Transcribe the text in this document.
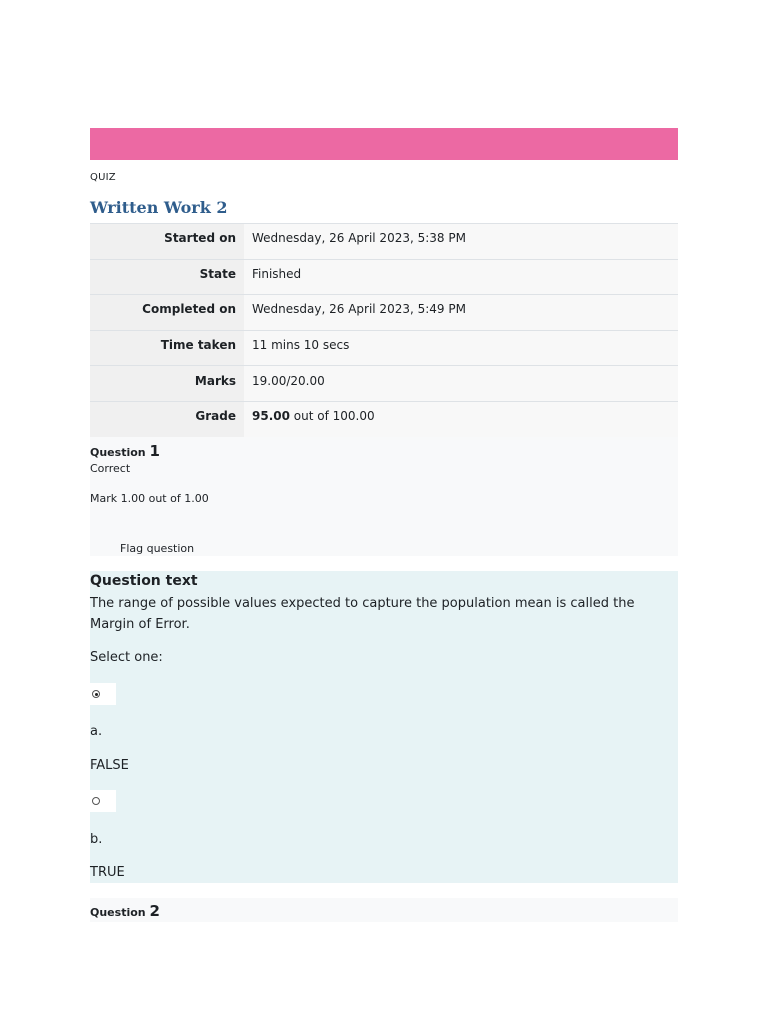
QUIZ
Written Work 2
Started on	Wednesday, 26 April 2023, 5:38 PM
State	Finished
Completed on	Wednesday, 26 April 2023, 5:49 PM
Time taken	11 mins 10 secs
Marks	19.00/20.00
Grade	95.00 out of 100.00
Question 1
Correct
Mark 1.00 out of 1.00
Flag question
Question text
The range of possible values expected to capture the population mean is called the Margin of Error.
Select one:
a.
FALSE
b.
TRUE
Question 2
